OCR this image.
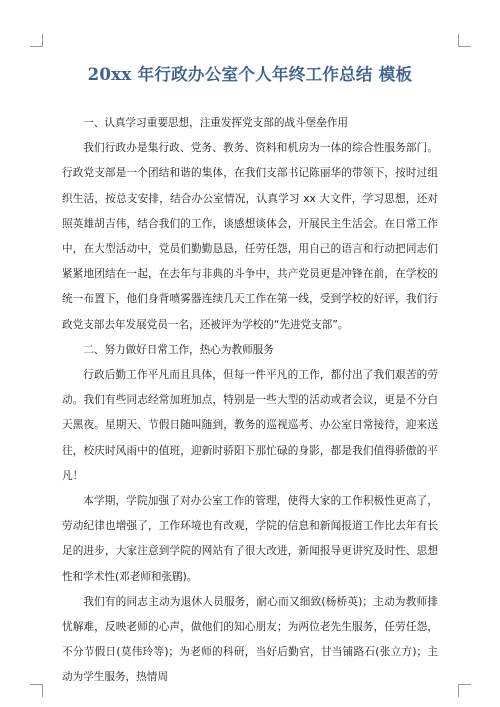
20xx 年行政办公室个人年终工作总结 模板

一、认真学习重要思想，注重发挥党支部的战斗堡垒作用

我们行政办是集行政、党务、教务、资料和机房为一体的综合性服务部门。行政党支部是一个团结和谐的集体，在我们支部书记陈丽华的带领下，按时过组织生活，按总支安排，结合办公室情况，认真学习 xx 大文件，学习思想，还对照英雄胡吉伟，结合我们的工作，谈感想谈体会，开展民主生活会。在日常工作中，在大型活动中，党员们勤勤恳恳，任劳任怨，用自己的语言和行动把同志们紧紧地团结在一起，在去年与非典的斗争中，共产党员更是冲锋在前，在学校的统一布置下，他们身背喷雾器连续几天工作在第一线，受到学校的好评，我们行政党支部去年发展党员一名，还被评为学校的“先进党支部”。

二、努力做好日常工作，热心为教师服务

行政后勤工作平凡而且具体，但每一件平凡的工作，都付出了我们艰苦的劳动。我们有些同志经常加班加点，特别是一些大型的活动或者会议，更是不分白天黑夜。星期天、节假日随叫随到，教务的巡视巡考、办公室日常接待，迎来送往，校庆时风雨中的值班，迎新时骄阳下那忙碌的身影，都是我们值得骄傲的平凡！

本学期，学院加强了对办公室工作的管理，使得大家的工作积极性更高了，劳动纪律也增强了，工作环境也有改观，学院的信息和新闻报道工作比去年有长足的进步，大家注意到学院的网站有了很大改进，新闻报导更讲究及时性、思想性和学术性(邓老师和张鹛)。

我们有的同志主动为退休人员服务，耐心而又细致(杨桥英)；主动为教师排忧解难，反映老师的心声，做他们的知心朋友；为两位老先生服务，任劳任怨，不分节假日(莫伟玲等)；为老师的科研，当好后勤官，甘当铺路石(张立方)；主动为学生服务，热情周
